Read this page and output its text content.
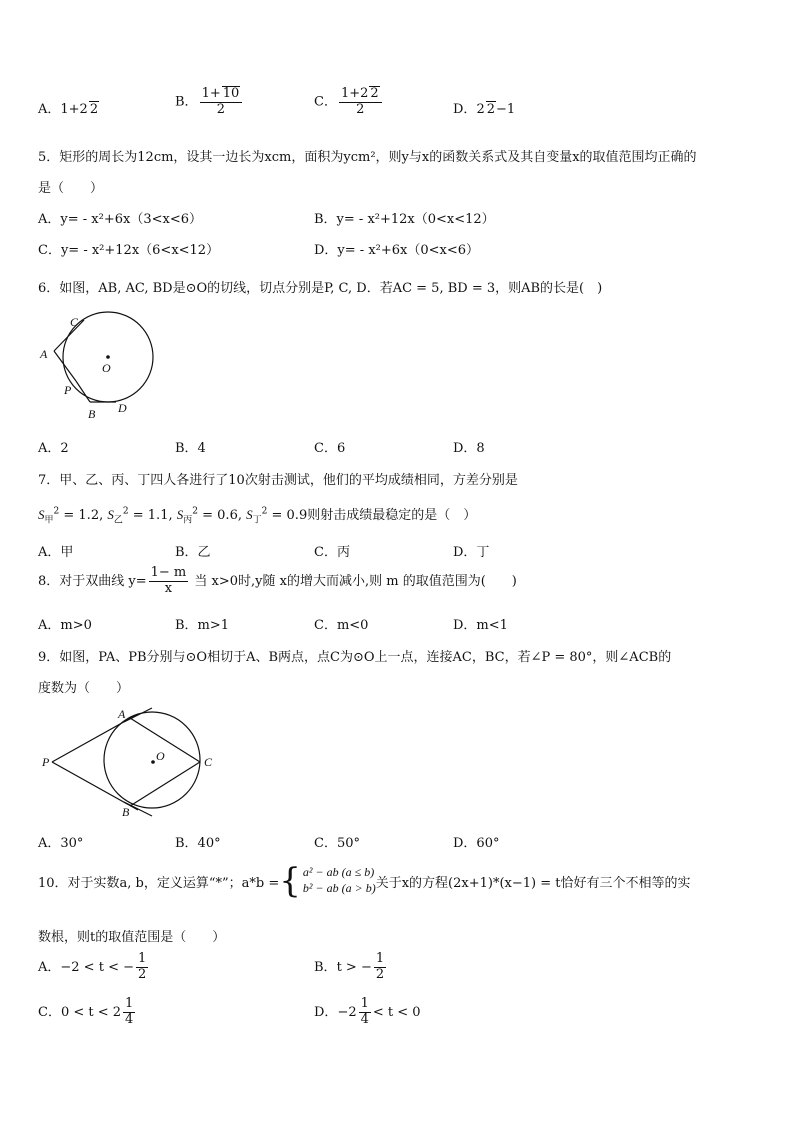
A．1+2 2
B． $\frac{1+ 10}{2}$	C． $\frac{1+2 2}{2}$	D．2 2−1
5．矩形的周长为12cm，设其一边长为xcm，面积为ycm²，则y与x的函数关系式及其自变量x的取值范围均正确的
是（　　）
A．y= - x²+6x（3<x<6）	B．y= - x²+12x（0<x<12）
C．y= - x²+12x（6<x<12）	D．y= - x²+6x（0<x<6）
6．如图，AB, AC, BD是⊙O的切线，切点分别是P, C, D．若AC = 5, BD = 3，则AB的长是(　)
C
A
O
P
B D
A．2	B．4	C．6	D．8
7．甲、乙、丙、丁四人各进行了10次射击测试，他们的平均成绩相同，方差分别是
$S_甲^2 = 1.2$, $S_乙^2 = 1.1$, $S_丙^2 = 0.6$, $S_丁^2 = 0.9$则射击成绩最稳定的是（　）
A．甲	B．乙	C．丙	D．丁
8．对于双曲线 $y= \frac{1- m}{x}$ 当 x>0时,y随 x的增大而减小,则 m 的取值范围为(　　)
A．m>0	B．m>1	C．m<0	D．m<1
9．如图，PA、PB分别与⊙O相切于A、B两点，点C为⊙O上一点，连接AC，BC，若∠P = 80°，则∠ACB的
度数为（　　）
A
P	O	C
B
A．30°	B．40°	C．50°	D．60°
10．对于实数a, b，定义运算“*”；a*b = { a² − ab (a ≤ b)
b² − ab (a > b) 关于x的方程(2x+1)*(x−1) = t恰好有三个不相等的实
数根，则t的取值范围是（　　）
A．−2 < t < − $\frac{1}{2}$	B．t > − $\frac{1}{2}$
C．$0 < t < 2 \frac{1}{4}$	D．$-2 \frac{1}{4} < t < 0$
